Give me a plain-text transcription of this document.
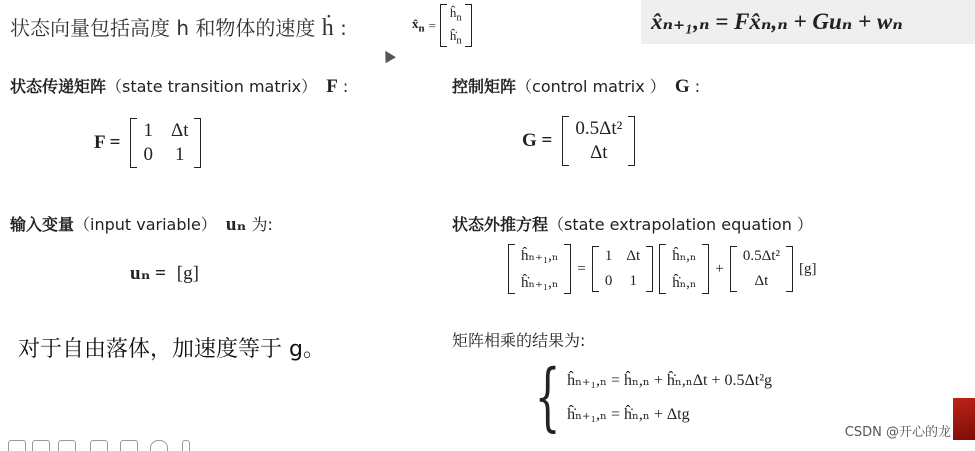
状态向量包括高度 h 和物体的速度 ḣ :	$x̂_n$ =
$ĥ_n$
$ĥ̇_n$
x̂ₙ₊₁,ₙ = Fx̂ₙ,ₙ + Guₙ + wₙ
状态传递矩阵（state transition matrix） F :
F =
1 Δt
0 1
控制矩阵（control matrix ） G :
G =
0.5Δt²
Δt
输入变量（input variable） uₙ 为:
uₙ = [g]
状态外推方程（state extrapolation equation ）
ĥₙ₊₁,ₙ
ĥ̇ₙ₊₁,ₙ
=
1 Δt
0 1
ĥₙ,ₙ
ĥ̇ₙ,ₙ
+
0.5Δt²
Δt
[g]
对于自由落体，加速度等于 g。	矩阵相乘的结果为:
{ ĥₙ₊₁,ₙ = ĥₙ,ₙ + ĥ̇ₙ,ₙΔt + 0.5Δt²g
ĥ̇ₙ₊₁,ₙ = ĥ̇ₙ,ₙ + Δtg
CSDN @开心的龙
